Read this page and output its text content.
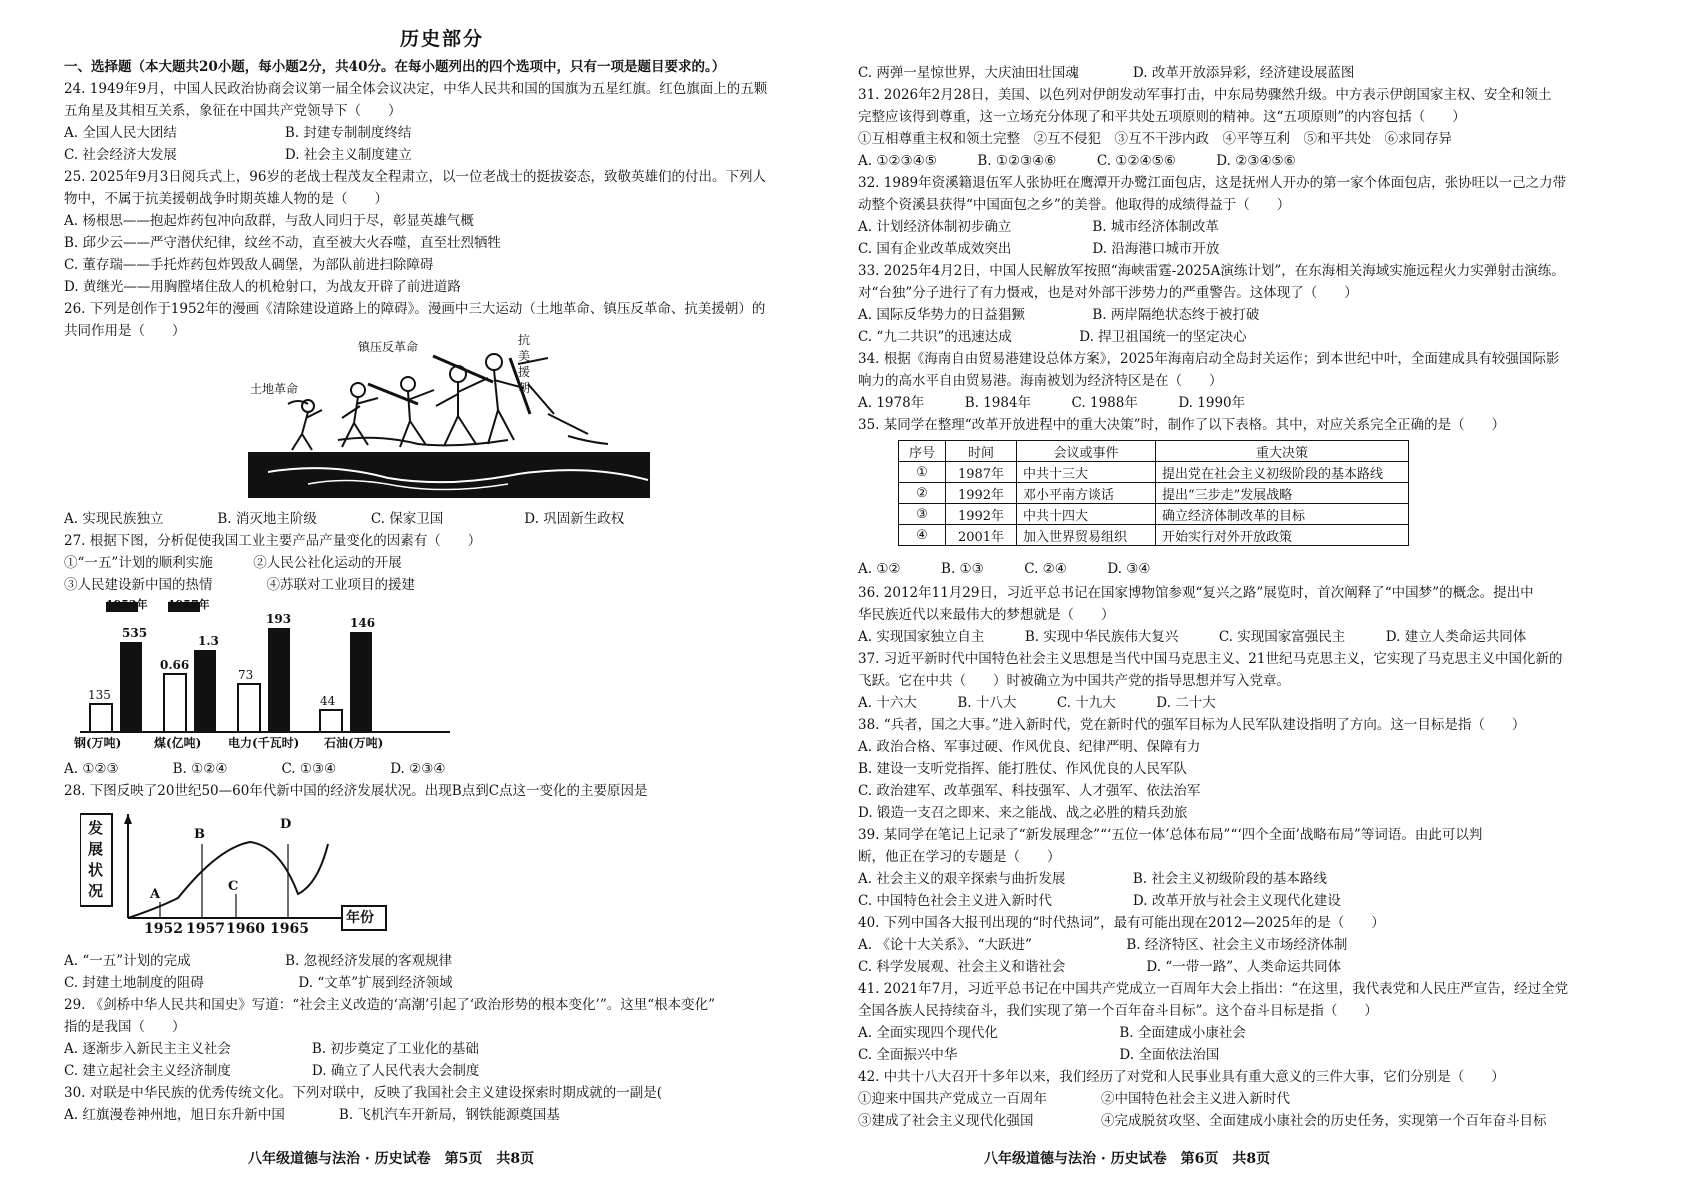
历史部分
一、选择题（本大题共20小题，每小题2分，共40分。在每小题列出的四个选项中，只有一项是题目要求的。）
24. 1949年9月，中国人民政治协商会议第一届全体会议决定，中华人民共和国的国旗为五星红旗。红色旗面上的五颗
五角星及其相互关系，象征在中国共产党领导下（　　）
A. 全国人民大团结　　　　　　　　B. 封建专制制度终结
C. 社会经济大发展　　　　　　　　D. 社会主义制度建立
25. 2025年9月3日阅兵式上，96岁的老战士程茂友全程肃立，以一位老战士的挺拔姿态，致敬英雄们的付出。下列人
物中，不属于抗美援朝战争时期英雄人物的是（　　）
A. 杨根思——抱起炸药包冲向敌群，与敌人同归于尽，彰显英雄气概
B. 邱少云——严守潜伏纪律，纹丝不动，直至被大火吞噬，直至壮烈牺牲
C. 董存瑞——手托炸药包炸毁敌人碉堡，为部队前进扫除障碍
D. 黄继光——用胸膛堵住敌人的机枪射口，为战友开辟了前进道路
26. 下列是创作于1952年的漫画《清除建设道路上的障碍》。漫画中三大运动（土地革命、镇压反革命、抗美援朝）的
共同作用是（　　）
土地革命
镇压反革命	抗美援朝
A. 实现民族独立　　　　B. 消灭地主阶级　　　　C. 保家卫国　　　　　　D. 巩固新生政权
27. 根据下图，分析促使我国工业主要产品产量变化的因素有（　　）
①“一五”计划的顺利实施　　　②人民公社化运动的开展
③人民建设新中国的热情　　　　④苏联对工业项目的援建
1952年 1957年
135
535
0.66
1.3
73
193
44
146
钢(万吨)	煤(亿吨) 电力(千瓦时) 石油(万吨)
A. ①②③　　　　B. ①②④　　　　C. ①③④　　　　D. ②③④
28. 下图反映了20世纪50—60年代新中国的经济发展状况。出现B点到C点这一变化的主要原因是
发展状况
年份
A
B
C
D
1952 1957 1960 1965
A. “一五”计划的完成　　　　　　　B. 忽视经济发展的客观规律
C. 封建土地制度的阻碍　　　　　　　D. “文革”扩展到经济领域
29. 《剑桥中华人民共和国史》写道：“社会主义改造的‘高潮’引起了‘政治形势的根本变化’”。这里“根本变化”
指的是我国（　　）
A. 逐渐步入新民主主义社会　　　　　　B. 初步奠定了工业化的基础
C. 建立起社会主义经济制度　　　　　　D. 确立了人民代表大会制度
30. 对联是中华民族的优秀传统文化。下列对联中，反映了我国社会主义建设探索时期成就的一副是(
A. 红旗漫卷神州地，旭日东升新中国　　　　B. 飞机汽车开新局，钢铁能源奠国基
八年级道德与法治 · 历史试卷　第5页　共8页
C. 两弹一星惊世界，大庆油田壮国魂　　　　D. 改革开放添异彩，经济建设展蓝图
31. 2026年2月28日，美国、以色列对伊朗发动军事打击，中东局势骤然升级。中方表示伊朗国家主权、安全和领土
完整应该得到尊重，这一立场充分体现了和平共处五项原则的精神。这“五项原则”的内容包括（　　）
①互相尊重主权和领土完整　②互不侵犯　③互不干涉内政　④平等互利　⑤和平共处　⑥求同存异
A. ①②③④⑤　　　B. ①②③④⑥　　　C. ①②④⑤⑥　　　D. ②③④⑤⑥
32. 1989年资溪籍退伍军人张协旺在鹰潭开办鹭江面包店，这是抚州人开办的第一家个体面包店，张协旺以一己之力带
动整个资溪县获得“中国面包之乡”的美誉。他取得的成绩得益于（　　）
A. 计划经济体制初步确立　　　　　　B. 城市经济体制改革
C. 国有企业改革成效突出　　　　　　D. 沿海港口城市开放
33. 2025年4月2日，中国人民解放军按照“海峡雷霆-2025A演练计划”，在东海相关海域实施远程火力实弹射击演练。
对“台独”分子进行了有力慑戒，也是对外部干涉势力的严重警告。这体现了（　　）
A. 国际反华势力的日益猖獗　　　　　B. 两岸隔绝状态终于被打破
C. “九二共识”的迅速达成　　　　　D. 捍卫祖国统一的坚定决心
34. 根据《海南自由贸易港建设总体方案》，2025年海南启动全岛封关运作；到本世纪中叶，全面建成具有较强国际影
响力的高水平自由贸易港。海南被划为经济特区是在（　　）
A. 1978年　　　B. 1984年　　　C. 1988年　　　D. 1990年
35. 某同学在整理“改革开放进程中的重大决策”时，制作了以下表格。其中，对应关系完全正确的是（　　）
序号	时间	会议或事件	重大决策
①	1987年	中共十三大	提出党在社会主义初级阶段的基本路线
②	1992年	邓小平南方谈话	提出“三步走”发展战略
③	1992年	中共十四大	确立经济体制改革的目标
④	2001年	加入世界贸易组织	开始实行对外开放政策
A. ①②　　　B. ①③　　　C. ②④　　　D. ③④
36. 2012年11月29日，习近平总书记在国家博物馆参观“复兴之路”展览时，首次阐释了“中国梦”的概念。提出中
华民族近代以来最伟大的梦想就是（　　）
A. 实现国家独立自主　　　B. 实现中华民族伟大复兴　　　C. 实现国家富强民主　　　D. 建立人类命运共同体
37. 习近平新时代中国特色社会主义思想是当代中国马克思主义、21世纪马克思主义，它实现了马克思主义中国化新的
飞跃。它在中共（　　）时被确立为中国共产党的指导思想并写入党章。
A. 十六大　　　B. 十八大　　　C. 十九大　　　D. 二十大
38. “兵者，国之大事。”进入新时代，党在新时代的强军目标为人民军队建设指明了方向。这一目标是指（　　）
A. 政治合格、军事过硬、作风优良、纪律严明、保障有力
B. 建设一支听党指挥、能打胜仗、作风优良的人民军队
C. 政治建军、改革强军、科技强军、人才强军、依法治军
D. 锻造一支召之即来、来之能战、战之必胜的精兵劲旅
39. 某同学在笔记上记录了“新发展理念”“‘五位一体’总体布局”“‘四个全面’战略布局”等词语。由此可以判
断，他正在学习的专题是（　　）
A. 社会主义的艰辛探索与曲折发展　　　　　B. 社会主义初级阶段的基本路线
C. 中国特色社会主义进入新时代　　　　　　D. 改革开放与社会主义现代化建设
40. 下列中国各大报刊出现的“时代热词”，最有可能出现在2012—2025年的是（　　）
A. 《论十大关系》、“大跃进”　　　　　　　B. 经济特区、社会主义市场经济体制
C. 科学发展观、社会主义和谐社会　　　　　　D. “一带一路”、人类命运共同体
41. 2021年7月，习近平总书记在中国共产党成立一百周年大会上指出：“在这里，我代表党和人民庄严宣告，经过全党
全国各族人民持续奋斗，我们实现了第一个百年奋斗目标”。这个奋斗目标是指（　　）
A. 全面实现四个现代化　　　　　　　　　B. 全面建成小康社会
C. 全面振兴中华　　　　　　　　　　　　D. 全面依法治国
42. 中共十八大召开十多年以来，我们经历了对党和人民事业具有重大意义的三件大事，它们分别是（　　）
①迎来中国共产党成立一百周年　　　　②中国特色社会主义进入新时代
③建成了社会主义现代化强国　　　　　④完成脱贫攻坚、全面建成小康社会的历史任务，实现第一个百年奋斗目标
八年级道德与法治 · 历史试卷　第6页　共8页
